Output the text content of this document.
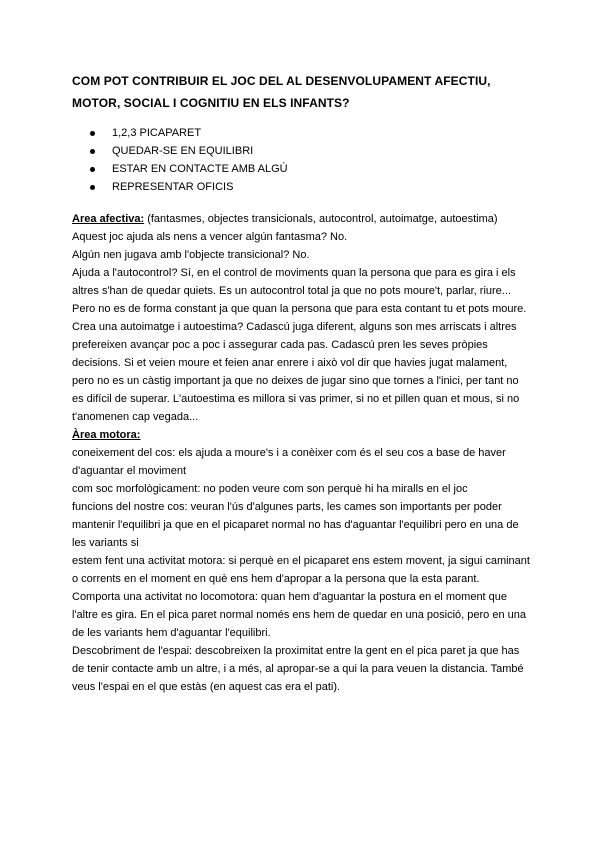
COM POT CONTRIBUIR EL JOC DEL AL DESENVOLUPAMENT AFECTIU, MOTOR, SOCIAL I COGNITIU EN ELS INFANTS?
1,2,3 PICAPARET
QUEDAR-SE EN EQUILIBRI
ESTAR EN CONTACTE AMB ALGÚ
REPRESENTAR OFICIS

Area afectiva: (fantasmes, objectes transicionals, autocontrol, autoimatge, autoestima)

Aquest joc ajuda als nens a vencer algún fantasma? No.

Algún nen jugava amb l'objecte transicional? No.

Ajuda a l'autocontrol? Sí, en el control de moviments quan la persona que para es gira i els altres s'han de quedar quiets. Es un autocontrol total ja que no pots moure't, parlar, riure... Pero no es de forma constant ja que quan la persona que para esta contant tu et pots moure.

Crea una autoimatge i autoestima? Cadascú juga diferent, alguns son mes arriscats i altres prefereixen avançar poc a poc i assegurar cada pas. Cadascú pren les seves pròpies decisions. Si et veien moure et feien anar enrere i això vol dir que havies jugat malament, pero no es un càstig important ja que no deixes de jugar sino que tornes a l'inici, per tant no es difícil de superar. L'autoestima es millora si vas primer, si no et pillen quan et mous, si no t'anomenen cap vegada...

Àrea motora:

coneixement del cos: els ajuda a moure's i a conèixer com és el seu cos a base de haver d'aguantar el moviment

com soc morfològicament: no poden veure com son perquè hi ha miralls en el joc

funcions del nostre cos: veuran l'ús d'algunes parts, les cames son importants per poder mantenir l'equilibri ja que en el picaparet normal no has d'aguantar l'equilibri pero en una de les variants si

estem fent una activitat motora: si perquè en el picaparet ens estem movent, ja sigui caminant o corrents en el moment en què ens hem d'apropar a la persona que la esta parant.

Comporta una activitat no locomotora: quan hem d'aguantar la postura en el moment que l'altre es gira. En el pica paret normal només ens hem de quedar en una posició, pero en una de les variants hem d'aguantar l'equilibri.

Descobriment de l'espai: descobreixen la proximitat entre la gent en el pica paret ja que has de tenir contacte amb un altre, i a més, al apropar-se a qui la para veuen la distancia. També veus l'espai en el que estàs (en aquest cas era el pati).
